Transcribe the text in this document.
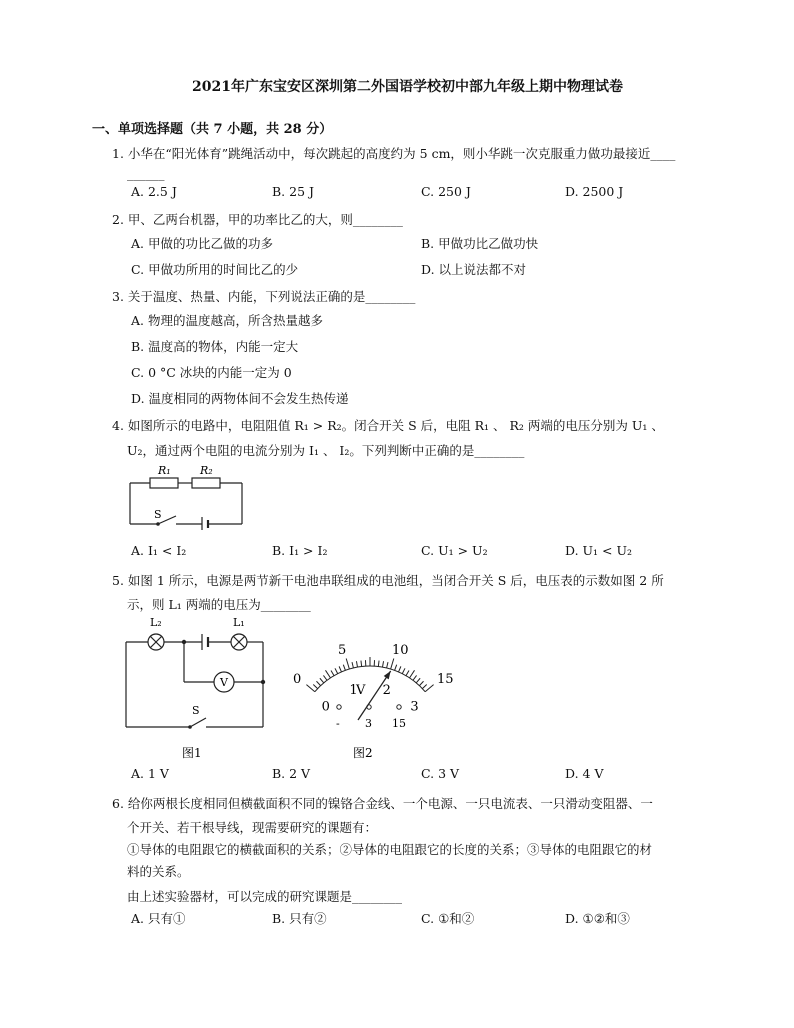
2021年广东宝安区深圳第二外国语学校初中部九年级上期中物理试卷
一、单项选择题（共 7 小题，共 28 分）
1. 小华在“阳光体育”跳绳活动中，每次跳起的高度约为 5 cm，则小华跳一次克服重力做功最接近____
______
A. 2.5 J	B. 25 J	C. 250 J	D. 2500 J
2. 甲、乙两台机器，甲的功率比乙的大，则________
A. 甲做的功比乙做的功多	B. 甲做功比乙做功快
C. 甲做功所用的时间比乙的少	D. 以上说法都不对
3. 关于温度、热量、内能，下列说法正确的是________
A. 物理的温度越高，所含热量越多
B. 温度高的物体，内能一定大
C. 0 °C 冰块的内能一定为 0
D. 温度相同的两物体间不会发生热传递
4. 如图所示的电路中，电阻阻值 R₁ > R₂。闭合开关 S 后，电阻 R₁ 、 R₂ 两端的电压分别为 U₁ 、
U₂，通过两个电阻的电流分别为 I₁ 、 I₂。下列判断中正确的是________
R₁	R₂
S
A. I₁ < I₂	B. I₁ > I₂	C. U₁ > U₂	D. U₁ < U₂
5. 如图 1 所示，电源是两节新干电池串联组成的电池组，当闭合开关 S 后，电压表的示数如图 2 所
示，则 L₁ 两端的电压为________
L₂	L₁
V
S
图1
0
5	10
15
0
1 2
3
V
- 3 15
图2
A. 1 V	B. 2 V	C. 3 V	D. 4 V
6. 给你两根长度相同但横截面积不同的镍铬合金线、一个电源、一只电流表、一只滑动变阻器、一
个开关、若干根导线，现需要研究的课题有：
①导体的电阻跟它的横截面积的关系；②导体的电阻跟它的长度的关系；③导体的电阻跟它的材
料的关系。
由上述实验器材，可以完成的研究课题是________
A. 只有①	B. 只有②	C. ①和②	D. ①②和③
